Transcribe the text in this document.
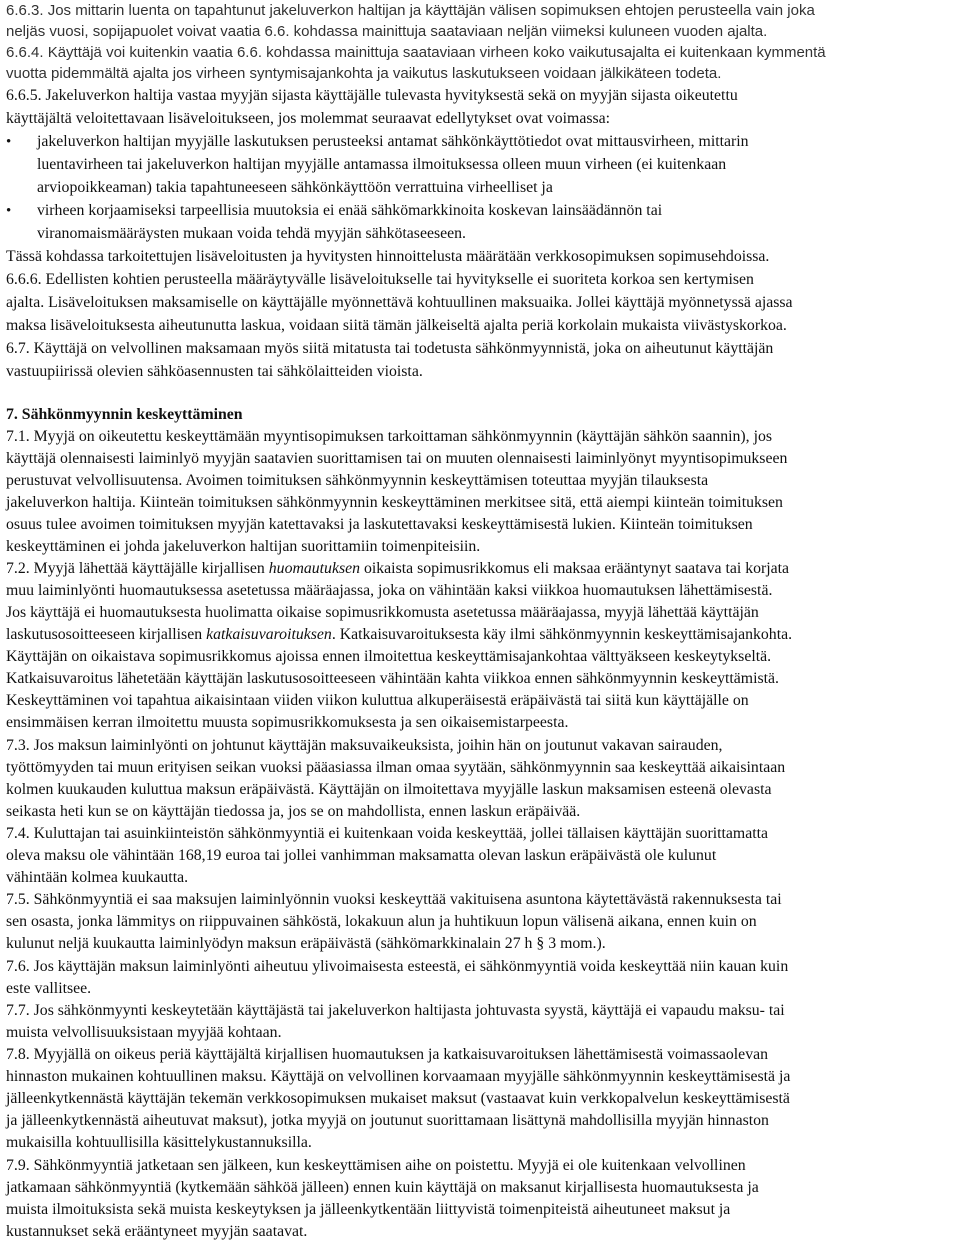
6.6.3. Jos mittarin luenta on tapahtunut jakeluverkon haltijan ja käyttäjän välisen sopimuksen ehtojen perusteella vain joka
neljäs vuosi, sopijapuolet voivat vaatia 6.6. kohdassa mainittuja saataviaan neljän viimeksi kuluneen vuoden ajalta.
6.6.4. Käyttäjä voi kuitenkin vaatia 6.6. kohdassa mainittuja saataviaan virheen koko vaikutusajalta ei kuitenkaan kymmentä
vuotta pidemmältä ajalta jos virheen syntymisajankohta ja vaikutus laskutukseen voidaan jälkikäteen todeta.
6.6.5. Jakeluverkon haltija vastaa myyjän sijasta käyttäjälle tulevasta hyvityksestä sekä on myyjän sijasta oikeutettu
käyttäjältä veloitettavaan lisäveloitukseen, jos molemmat seuraavat edellytykset ovat voimassa:
• jakeluverkon haltijan myyjälle laskutuksen perusteeksi antamat sähkönkäyttötiedot ovat mittausvirheen, mittarin
luentavirheen tai jakeluverkon haltijan myyjälle antamassa ilmoituksessa olleen muun virheen (ei kuitenkaan
arviopoikkeaman) takia tapahtuneeseen sähkönkäyttöön verrattuina virheelliset ja
• virheen korjaamiseksi tarpeellisia muutoksia ei enää sähkömarkkinoita koskevan lainsäädännön tai
viranomaismääräysten mukaan voida tehdä myyjän sähkötaseeseen.
Tässä kohdassa tarkoitettujen lisäveloitusten ja hyvitysten hinnoittelusta määrätään verkkosopimuksen sopimusehdoissa.
6.6.6. Edellisten kohtien perusteella määräytyvälle lisäveloitukselle tai hyvitykselle ei suoriteta korkoa sen kertymisen
ajalta. Lisäveloituksen maksamiselle on käyttäjälle myönnettävä kohtuullinen maksuaika. Jollei käyttäjä myönnetyssä ajassa
maksa lisäveloituksesta aiheutunutta laskua, voidaan siitä tämän jälkeiseltä ajalta periä korkolain mukaista viivästyskorkoa.
6.7. Käyttäjä on velvollinen maksamaan myös siitä mitatusta tai todetusta sähkönmyynnistä, joka on aiheutunut käyttäjän
vastuupiirissä olevien sähköasennusten tai sähkölaitteiden vioista.
7. Sähkönmyynnin keskeyttäminen
7.1. Myyjä on oikeutettu keskeyttämään myyntisopimuksen tarkoittaman sähkönmyynnin (käyttäjän sähkön saannin), jos
käyttäjä olennaisesti laiminlyö myyjän saatavien suorittamisen tai on muuten olennaisesti laiminlyönyt myyntisopimukseen
perustuvat velvollisuutensa. Avoimen toimituksen sähkönmyynnin keskeyttämisen toteuttaa myyjän tilauksesta
jakeluverkon haltija. Kiinteän toimituksen sähkönmyynnin keskeyttäminen merkitsee sitä, että aiempi kiinteän toimituksen
osuus tulee avoimen toimituksen myyjän katettavaksi ja laskutettavaksi keskeyttämisestä lukien. Kiinteän toimituksen
keskeyttäminen ei johda jakeluverkon haltijan suorittamiin toimenpiteisiin.
7.2. Myyjä lähettää käyttäjälle kirjallisen huomautuksen oikaista sopimusrikkomus eli maksaa erääntynyt saatava tai korjata
muu laiminlyönti huomautuksessa asetetussa määräajassa, joka on vähintään kaksi viikkoa huomautuksen lähettämisestä.
Jos käyttäjä ei huomautuksesta huolimatta oikaise sopimusrikkomusta asetetussa määräajassa, myyjä lähettää käyttäjän
laskutusosoitteeseen kirjallisen katkaisuvaroituksen. Katkaisuvaroituksesta käy ilmi sähkönmyynnin keskeyttämisajankohta.
Käyttäjän on oikaistava sopimusrikkomus ajoissa ennen ilmoitettua keskeyttämisajankohtaa välttyäkseen keskeytykseltä.
Katkaisuvaroitus lähetetään käyttäjän laskutusosoitteeseen vähintään kahta viikkoa ennen sähkönmyynnin keskeyttämistä.
Keskeyttäminen voi tapahtua aikaisintaan viiden viikon kuluttua alkuperäisestä eräpäivästä tai siitä kun käyttäjälle on
ensimmäisen kerran ilmoitettu muusta sopimusrikkomuksesta ja sen oikaisemistarpeesta.
7.3. Jos maksun laiminlyönti on johtunut käyttäjän maksuvaikeuksista, joihin hän on joutunut vakavan sairauden,
työttömyyden tai muun erityisen seikan vuoksi pääasiassa ilman omaa syytään, sähkönmyynnin saa keskeyttää aikaisintaan
kolmen kuukauden kuluttua maksun eräpäivästä. Käyttäjän on ilmoitettava myyjälle laskun maksamisen esteenä olevasta
seikasta heti kun se on käyttäjän tiedossa ja, jos se on mahdollista, ennen laskun eräpäivää.
7.4. Kuluttajan tai asuinkiinteistön sähkönmyyntiä ei kuitenkaan voida keskeyttää, jollei tällaisen käyttäjän suorittamatta
oleva maksu ole vähintään 168,19 euroa tai jollei vanhimman maksamatta olevan laskun eräpäivästä ole kulunut
vähintään kolmea kuukautta.
7.5. Sähkönmyyntiä ei saa maksujen laiminlyönnin vuoksi keskeyttää vakituisena asuntona käytettävästä rakennuksesta tai
sen osasta, jonka lämmitys on riippuvainen sähköstä, lokakuun alun ja huhtikuun lopun välisenä aikana, ennen kuin on
kulunut neljä kuukautta laiminlyödyn maksun eräpäivästä (sähkömarkkinalain 27 h § 3 mom.).
7.6. Jos käyttäjän maksun laiminlyönti aiheutuu ylivoimaisesta esteestä, ei sähkönmyyntiä voida keskeyttää niin kauan kuin
este vallitsee.
7.7. Jos sähkönmyynti keskeytetään käyttäjästä tai jakeluverkon haltijasta johtuvasta syystä, käyttäjä ei vapaudu maksu- tai
muista velvollisuuksistaan myyjää kohtaan.
7.8. Myyjällä on oikeus periä käyttäjältä kirjallisen huomautuksen ja katkaisuvaroituksen lähettämisestä voimassaolevan
hinnaston mukainen kohtuullinen maksu. Käyttäjä on velvollinen korvaamaan myyjälle sähkönmyynnin keskeyttämisestä ja
jälleenkytkennästä käyttäjän tekemän verkkosopimuksen mukaiset maksut (vastaavat kuin verkkopalvelun keskeyttämisestä
ja jälleenkytkennästä aiheutuvat maksut), jotka myyjä on joutunut suorittamaan lisättynä mahdollisilla myyjän hinnaston
mukaisilla kohtuullisilla käsittelykustannuksilla.
7.9. Sähkönmyyntiä jatketaan sen jälkeen, kun keskeyttämisen aihe on poistettu. Myyjä ei ole kuitenkaan velvollinen
jatkamaan sähkönmyyntiä (kytkemään sähköä jälleen) ennen kuin käyttäjä on maksanut kirjallisesta huomautuksesta ja
muista ilmoituksista sekä muista keskeytyksen ja jälleenkytkentään liittyvistä toimenpiteistä aiheutuneet maksut ja
kustannukset sekä erääntyneet myyjän saatavat.
